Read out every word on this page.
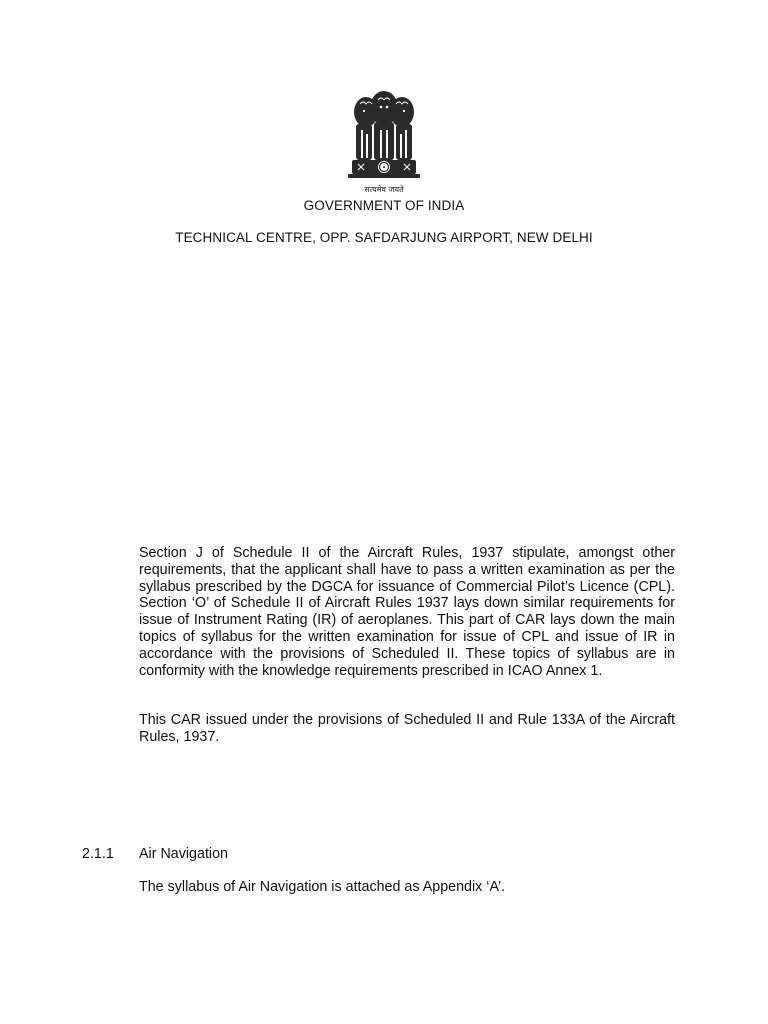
सत्यमेव जयते
GOVERNMENT OF INDIA
TECHNICAL CENTRE, OPP. SAFDARJUNG AIRPORT, NEW DELHI

Section J of Schedule II of the Aircraft Rules, 1937 stipulate, amongst other requirements, that the applicant shall have to pass a written examination as per the syllabus prescribed by the DGCA for issuance of Commercial Pilot’s Licence (CPL). Section ‘O’ of Schedule II of Aircraft Rules 1937 lays down similar requirements for issue of Instrument Rating (IR) of aeroplanes. This part of CAR lays down the main topics of syllabus for the written examination for issue of CPL and issue of IR in accordance with the provisions of Scheduled II. These topics of syllabus are in conformity with the knowledge requirements prescribed in ICAO Annex 1.

This CAR issued under the provisions of Scheduled II and Rule 133A of the Aircraft Rules, 1937.

2.1.1 Air Navigation

The syllabus of Air Navigation is attached as Appendix ‘A’.
